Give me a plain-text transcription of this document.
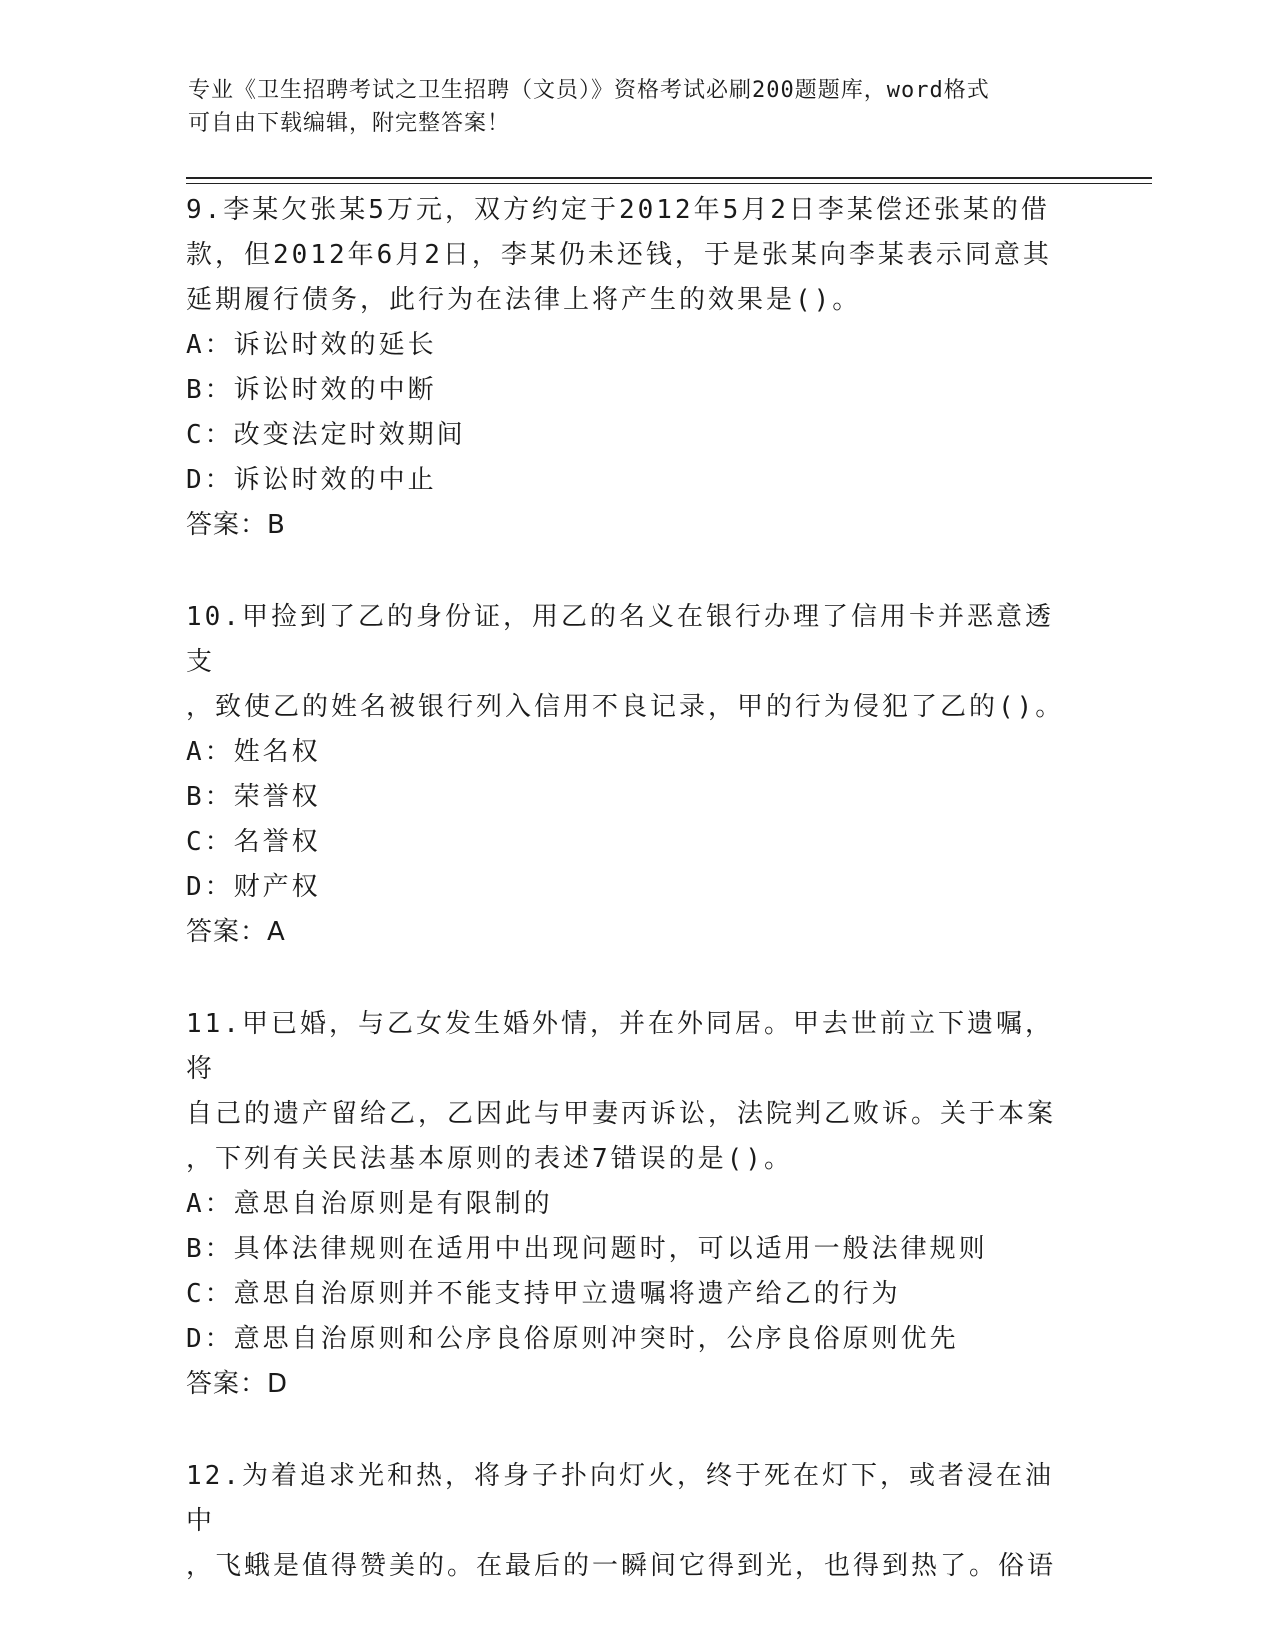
专业《卫生招聘考试之卫生招聘（文员）》资格考试必刷200题题库，word格式
可自由下载编辑，附完整答案！
9.李某欠张某5万元，双方约定于2012年5月2日李某偿还张某的借
款，但2012年6月2日，李某仍未还钱，于是张某向李某表示同意其
延期履行债务，此行为在法律上将产生的效果是()。
A：诉讼时效的延长
B：诉讼时效的中断
C：改变法定时效期间
D：诉讼时效的中止
答案：B
10.甲捡到了乙的身份证，用乙的名义在银行办理了信用卡并恶意透支
，致使乙的姓名被银行列入信用不良记录，甲的行为侵犯了乙的()。
A：姓名权
B：荣誉权
C：名誉权
D：财产权
答案：A
11.甲已婚，与乙女发生婚外情，并在外同居。甲去世前立下遗嘱，将
自己的遗产留给乙，乙因此与甲妻丙诉讼，法院判乙败诉。关于本案
，下列有关民法基本原则的表述7错误的是()。
A：意思自治原则是有限制的
B：具体法律规则在适用中出现问题时，可以适用一般法律规则
C：意思自治原则并不能支持甲立遗嘱将遗产给乙的行为
D：意思自治原则和公序良俗原则冲突时，公序良俗原则优先
答案：D
12.为着追求光和热，将身子扑向灯火，终于死在灯下，或者浸在油中
，飞蛾是值得赞美的。在最后的一瞬间它得到光，也得到热了。俗语
